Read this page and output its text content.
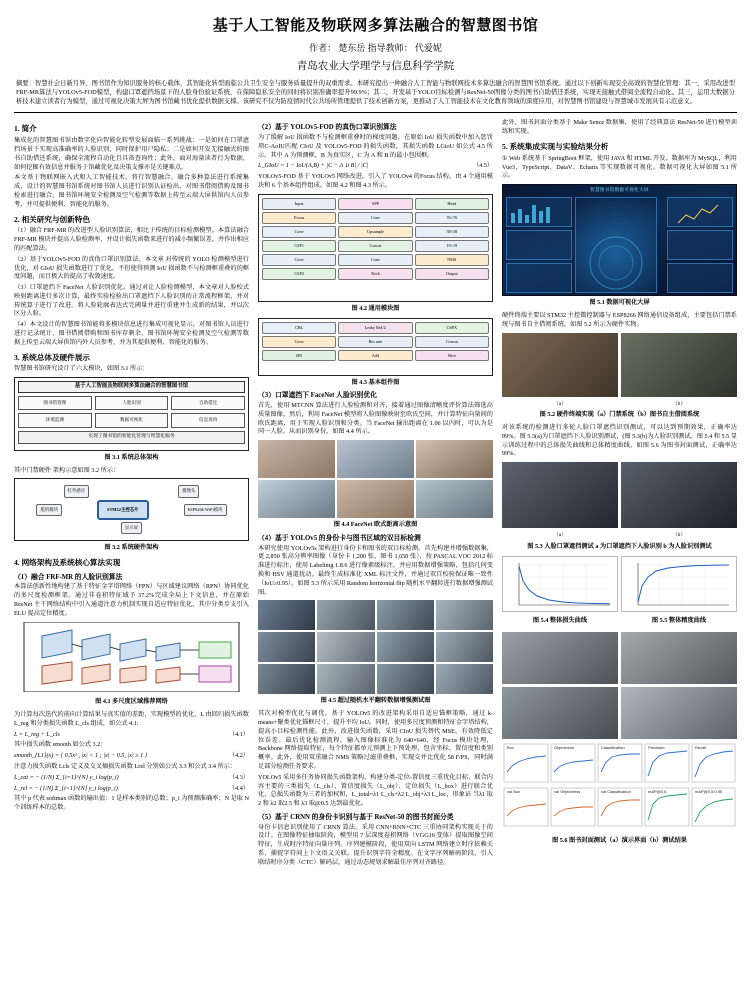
基于人工智能及物联网多算法融合的智慧图书馆
作者： 楚东岳 指导教师： 代爱妮
青岛农业大学理学与信息科学学院
摘要：智慧社会日新月异，图书馆作为知识服务的核心载体，其智能化转型面临公共卫生安全与服务质量提升的双重需求。本研究提出一种融合人工智能与物联网技术多算法融合的智慧图书馆系统。通过以下创新实现安全高效的智慧化管理：其一，采用改进型FRF-MR算法与YOLOv5-FOD模型，构建口罩遮挡场景下的人脸身份验证系统，在保障隐私安全的同时将识别准确率提升99.9%；其二，开发基于YOLO目标检测与ResNet-50图像分类的图书自助借还系统，实现无接触式借阅全流程自动化。其三，运用大数据分析技术建立读者行为模型，通过可视化决策大屏为图书馆藏书优化提供数据支撑。该研究不仅为防疫情时代公共场所管理提供了技术创新方案，更推动了人工智能技术在文化教育领域的深度应用，对智慧图书馆建设与智慧城市发展具有示范意义。
1. 简介

集成化的智慧图书馆由数字化向智能化转型发展面临一系列挑战：一是如何在口罩遮挡场景下实现高准确率的人脸识别，同时保护用户隐私；二是如何开发无接触式的图书自助借还系统，确保全流程自动化且具备查询性；此外，面对海量读者行为数据，如何挖掘有效信息并服务于馆藏优化及决策支撑亦是关键难点。

本文基于物联网嵌入式和人工智能技术，将行智慧融合、融合多种算法进行系统集成，设计的智慧图书馆系统对图书馆人员进行识别认证检出、对图书借阅借购及图书检索进行融合、图书馆环境安全检测及空气检测等数据上传至云端大屏供馆内人员参考，并可提供便利、智能化的服务。

2. 相关研究与创新特色

（1）融合 FRF-MR 的改进型人脸识别算法，相比于传统的目标检测模型。本算法融合 FRF-MR 模块并提高人脸检测率，并设计损失函数来进行的减小频繁误差，并作出相应的匹配算法。

（2）基于YOLOv5-FOD 的真伪口罩识别算法。本文章 对传统的 YOLO 检测模型进行优化，对 GIoU 损失函数进行了优化，不但使得预测 IoU 损函数不与检测框重叠的的框度问题，而且极大的提高了收敛速度。

（3）口罩遮挡下 FaceNet 人脸识别优化。通过对让人脸检测模型，本文章对人脸校式映射距离进行多次计算，最终实验检验出口罩遮挡下人脸识别的正常流程框架，并对传统算子进行了改进。将人脸轮廓表达式完阈量并进行重建并生成新的结果，并以次区分人脸。

（4）本文设计的智慧图书馆能将多模块信息进行集成可视化显示。对图书馆人员进行进行记录统计、图书借阅借购和图书库存剩余、图书馆环境安全检测及空气检测等数据上传至云端大屏供馆内外人员参考，并为其提供便利、智能化的服务。

3. 系统总体及硬件展示

智慧图书馆研究设计了六大模块，如图 3.1 所示：

基于人工智能及物联网多算法融合的智慧图书馆
图书馆管理	人脸识别	自助借还
环境监测	数据可视化	信息查询
实现了图书馆的智能化管理与智慧化服务
图 3.1 系统总体架构

其中门禁硬件 架构示意如图 3.2 所示：

红外感应	摄像头
舵机模块	STM32主控芯片	ESP8266 WiFi模块
显示屏
图 3.2 系统硬件架构
4. 网络架构及系统核心算法实现
（1）融合 FRF-MR 的人脸识别算法

本算法创新性地构建了基于特征金字塔网络（FPN）与区域建议网络（RPN）协同优化的多尺度检测框架。通过非卷积特征域予 37.2%完成全局上下文信息，并在原始 ResNet 主干网络结构中引入通道注意力机制实现自适应特征优化，其中分类步支引入 ELU 提高定位精度。

图 4.1 多尺度区域推荐网络

为计算每次迭代的前向计算结果与真实值的差距，实现模型的优化，L 由回归损失函数L_reg 和分类损失函数 L_cls 组成，如公式 4.1:

L = L_reg + L_cls	（4.1）

其中损失函数 smooth 如公式 3.2：

smooth_{L1}(x) = { 0.5x² , |x| < 1 ; |x| − 0.5, |x| ≥ 1 }	（4.2）

注意力损失函数 Lcls 定义及交叉熵损失函数 Lrel 分别如公式 3.3 和公式 3.4 所示：

L_cat = − (1/N) Σ_{i=1}^{N} y_i log(p_i)	（4.3）
L_rel = − (1/N) Σ_{i=1}^{N} y_i log(p_i)	（4.4）

其中 p 代表 softmax 函数的输出值：1 是样本类别的总数；p_i 为预测准确率；N 是取 N 个训练样本的总数。

（2）基于 YOLOv5-FOD 的真伪口罩识别算法

为了缓解 IoU 损函数不与检测框重叠时的梯度问题，在原始 IoU 损失函数中加入惩罚项C-AoIU匹配 CIoU 及 YOLOv5-FOD 的损失函数，其损失函数 LGioU 如公式 4.5 所示。其中 A 为预测框，B 为真实区，C 为 A 和 B 的最小包围框。

L_GIoU = 1 − IoU(A,B) + |C − A ∪ B| / |C|	（4.5）

YOLOv5-FOD 基于 YOLOv5 网络改进，引入了 YOLOv4 的Focus 结构，由 4 个通用模块和 6 个基本组件组成。如图 4.2 和图 4.3 所示。

Input
Focus
Conv
CSP1
Conv
CSP2
SPP
Conv
Upsample
Concat
Conv
Neck
Head
76×76
38×38
19×19
NMS
Output
图 4.2 通用模块图
CBL
Conv
BN
Leaky ReLU
Res unit
Add
CSPX
Concat
Slice
图 4.3 基本组件图
（3）口罩遮挡下 FaceNet 人脸识别优化

首先，使用 MTCNN 算法进行人脸检测和对齐，接着通过图像清晰度评价算法筛选高质量图像。然后，利用 FaceNet 模型将人脸图像映射至欧氏空间，并计算特征向量间的欧氏距离，用于实现人脸识别和分类。当 FaceNet 输出距离在 1.06 以内时，可认为是同一人脸。从而识别身份，如图 4.4 所示。

图 4.4 FaceNet 欧式距离示意图
（4）基于 YOLOv5 的身份卡与图书区域的双目标检测

本研究使用 YOLOv5s 架构进行身份卡和图书的双目标检测。首先构建并增强数据集，更 2,850 张高分辨率图像（身份卡 1,200 张、图书 1,650 张），按 PASCAL VOC 2012 标准进行标注，使用 Labelimg 1.8.6 进行像素级标注，并应用数据增强策略，包括几何变换和 HSV 通道扰动。最终生成标准化 XML 标注文件，并通过双百校验保证唯一致性（IoU≥0.95）。如图 5.3 所示采用 Random horizontal flip 随机水平翻转进行数据增强测试图。

图 4.5 超过随机水平翻转数据增强测试图

其次对模型优化与调优。基于 YOLOv5 的改进架构采用自适应锚框策略，通过 k-means+聚类优化锚框尺寸，提升平均 IoU。同时，使用多尺度预测和特征金字塔结构，提高小目标检测性能。此外，改进损失函数，采用 CIoU 损失替代 MSE，有效降低定位误差。最后优化检测流程。输入图像标准化为 640×640，经 Focus 模块处理，Backbone 网络提取特征，每个特征都单元预测上下预处理，包含坐标、置信度和类别概率。此外，使用双重融合 NMS 策略过滤重叠框，实现交并比优化 58 F/PS，同时满足部分检测任务要求。

YOLOv5 采用多任务协同损失函数架构，构建分类-定位-置信度三重优化目标，联合内容主要的三类损失（L_cls）、置信度损失（L_obj）、定位损失（L_box）进行联合优化，总损失函数为三者的加权和，L_total=λ1 L_cls+λ2 L_obj+λ3 L_loc，形象证 当λ1 取2 和 λ2 取2.5 和 λ3 取@0.5 达到最优化。

（5）基于 CRNN 的身份卡识别与基于 ResNet-50 的图书封面分类

身份卡信息识别使用了 CRNN 算法。采用 CNN+RNN+CTC 三重协同架构实现关于的设计。在图像特征抽取阶段，模型用 7 层深度卷积网络（VGG16 变体）提取图像空间特征，生成时序特征向量序列。序列建模阶段，使用双向 LSTM 网络建立时序依赖关系，捕捉字符间上下文语义关联。提升识别字符全精度。在文字序列解码阶段，引入联结时序分类（CTC）解码层，通过动态规划求解最佳序列对齐路径。

此外，图书封面分类基于 Make Sence 数据集，使用了经典算法 ResNet-50 进行模型训练和实现。

5. 系统集成实现与实验结果分析

① Web 系统基于 SpringBoot 框架，使用 JAVA 和 HTML 开发。数据库为 MySQL，利用 Vue3、TypeScript、DataV、Echarts 等实现数据可视化。数据可视化大屏如图 5.1 所示。

智慧图书馆数据可视化大屏
图 5.1 数据可视化大屏

硬件终端主要以 STM32 主控微控制器与 ESP8266 网络通信设备组成，主要包括门禁系统与图书自主借阅系统。如图 5.2 所示为硬件实物。

（a）	（b）
图 5.2 硬件终端实现（a）门禁系统（b）图书自主借阅系统

对该系统的检测进行多轮人脸口罩遮挡识别测试，可以达到预期效果，正确率达 99%。图 5.3(a)为口罩遮挡下人脸识别测试，(图 5.3(b)为人脸识别测试。图 5.4 和 5.5 显示训练过程中的总体损失曲线和总体精度曲线，如图 5.6 为图书封面测试，正确率达 99%。

（a）	（b）
图 5.3 人脸口罩遮挡测试 a 为口罩遮挡下人脸识别 b 为人脸识别测试
图 5.4 整体损失曲线	图 5.5 整体精度曲线
Box	Objectness	Classification	Precision	Recall
val Box	val Objectness	val Classification	mAP@0.5	mAP@0.5:0.95
图 5.6 图书封面测试（a）演示界面（b）测试结果
